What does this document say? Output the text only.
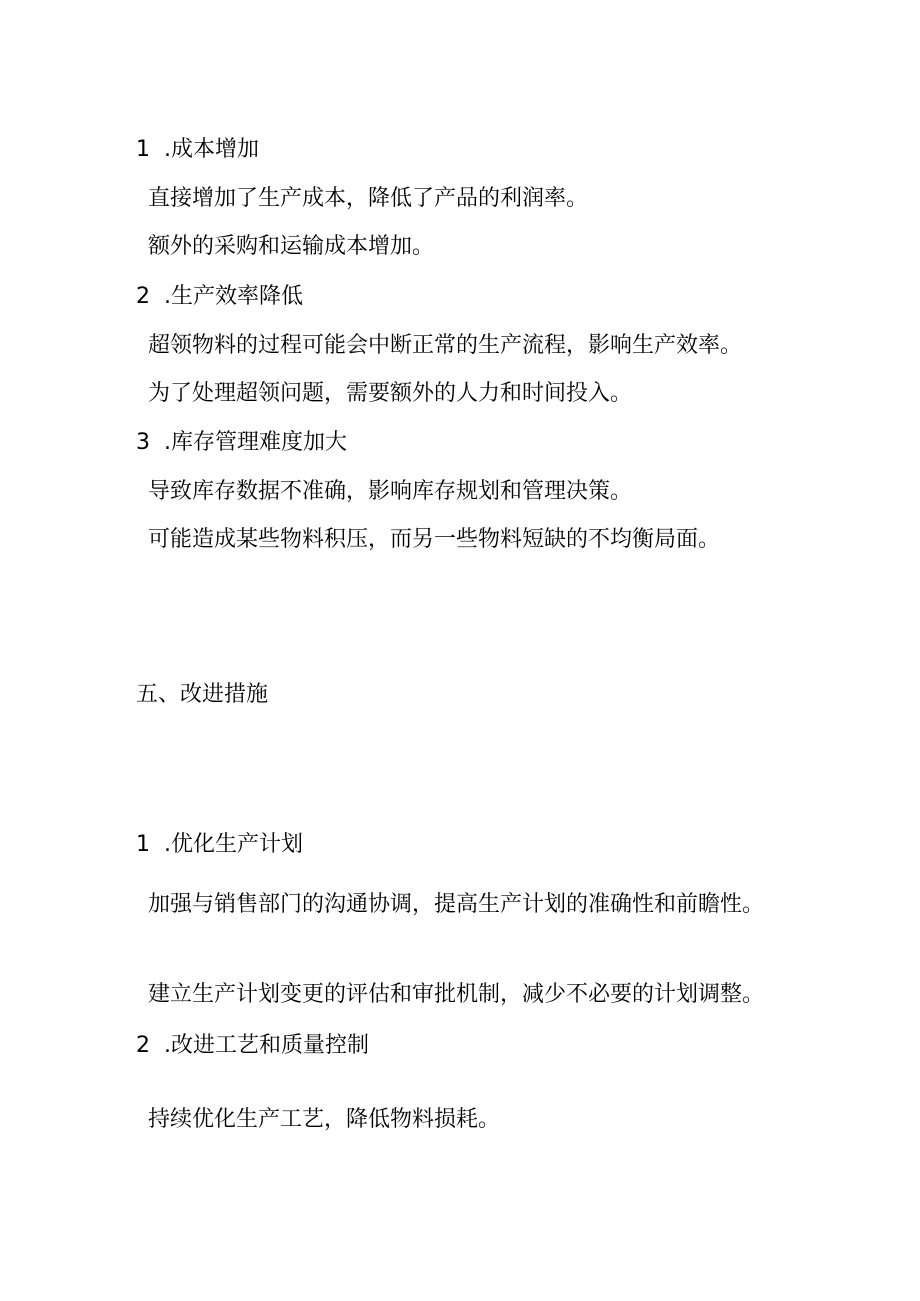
1  .成本增加
直接增加了生产成本，降低了产品的利润率。
额外的采购和运输成本增加。
2  .生产效率降低
超领物料的过程可能会中断正常的生产流程，影响生产效率。
为了处理超领问题，需要额外的人力和时间投入。
3  .库存管理难度加大
导致库存数据不准确，影响库存规划和管理决策。
可能造成某些物料积压，而另一些物料短缺的不均衡局面。
五、改进措施
1  .优化生产计划
加强与销售部门的沟通协调，提高生产计划的准确性和前瞻性。
建立生产计划变更的评估和审批机制，减少不必要的计划调整。
2  .改进工艺和质量控制
持续优化生产工艺，降低物料损耗。
